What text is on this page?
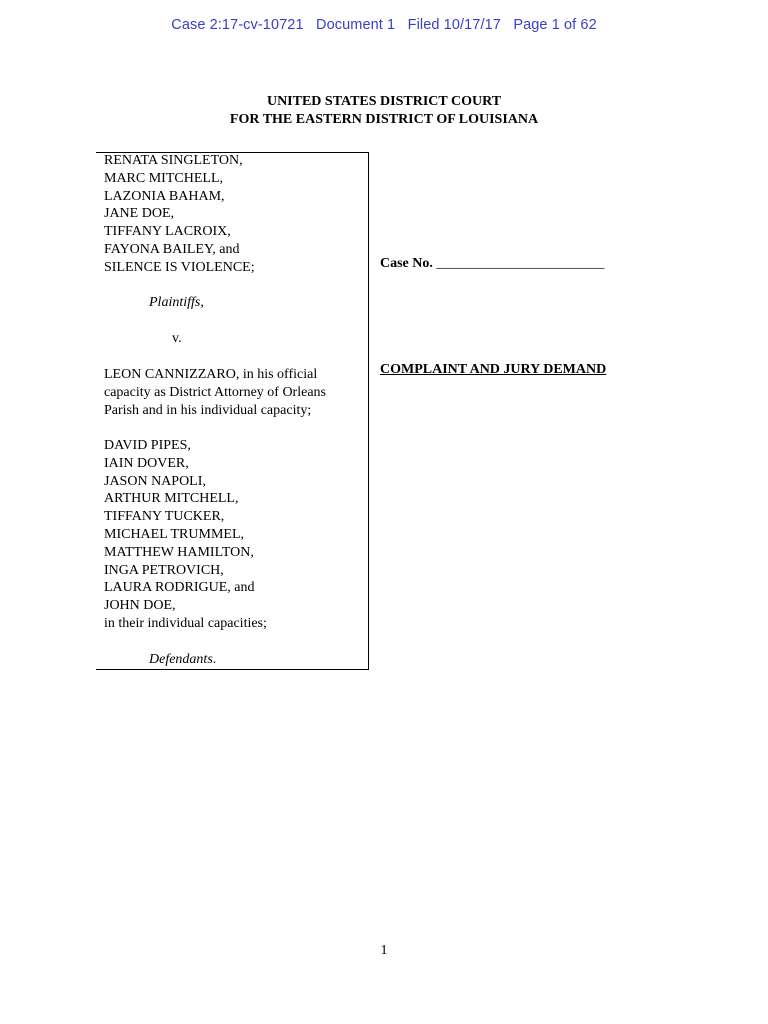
Case 2:17-cv-10721 Document 1 Filed 10/17/17 Page 1 of 62
UNITED STATES DISTRICT COURT
FOR THE EASTERN DISTRICT OF LOUISIANA
RENATA SINGLETON,
MARC MITCHELL,
LAZONIA BAHAM,
JANE DOE,
TIFFANY LACROIX,
FAYONA BAILEY, and
SILENCE IS VIOLENCE;
Plaintiffs,
v.
LEON CANNIZZARO, in his official
capacity as District Attorney of Orleans
Parish and in his individual capacity;
DAVID PIPES,
IAIN DOVER,
JASON NAPOLI,
ARTHUR MITCHELL,
TIFFANY TUCKER,
MICHAEL TRUMMEL,
MATTHEW HAMILTON,
INGA PETROVICH,
LAURA RODRIGUE, and
JOHN DOE,
in their individual capacities;
Defendants.
Case No. ________________________
COMPLAINT AND JURY DEMAND
1
